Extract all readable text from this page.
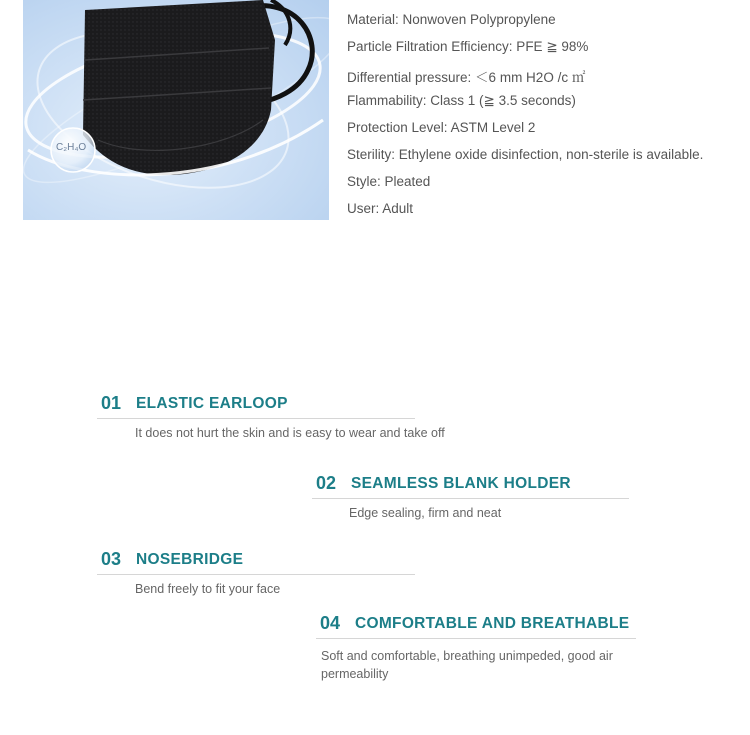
C₂H₄O
Material: Nonwoven Polypropylene
Particle Filtration Efficiency: PFE ≧ 98%
Differential pressure: ＜6 mm H2O /c ㎡
Flammability: Class 1 (≧ 3.5 seconds)
Protection Level: ASTM Level 2
Sterility: Ethylene oxide disinfection, non-sterile is available.
Style: Pleated
User: Adult
01 ELASTIC EARLOOP
It does not hurt the skin and is easy to wear and take off
02 SEAMLESS BLANK HOLDER
Edge sealing, firm and neat
03 NOSEBRIDGE
Bend freely to fit your face
04 COMFORTABLE AND BREATHABLE
Soft and comfortable, breathing unimpeded, good air permeability
